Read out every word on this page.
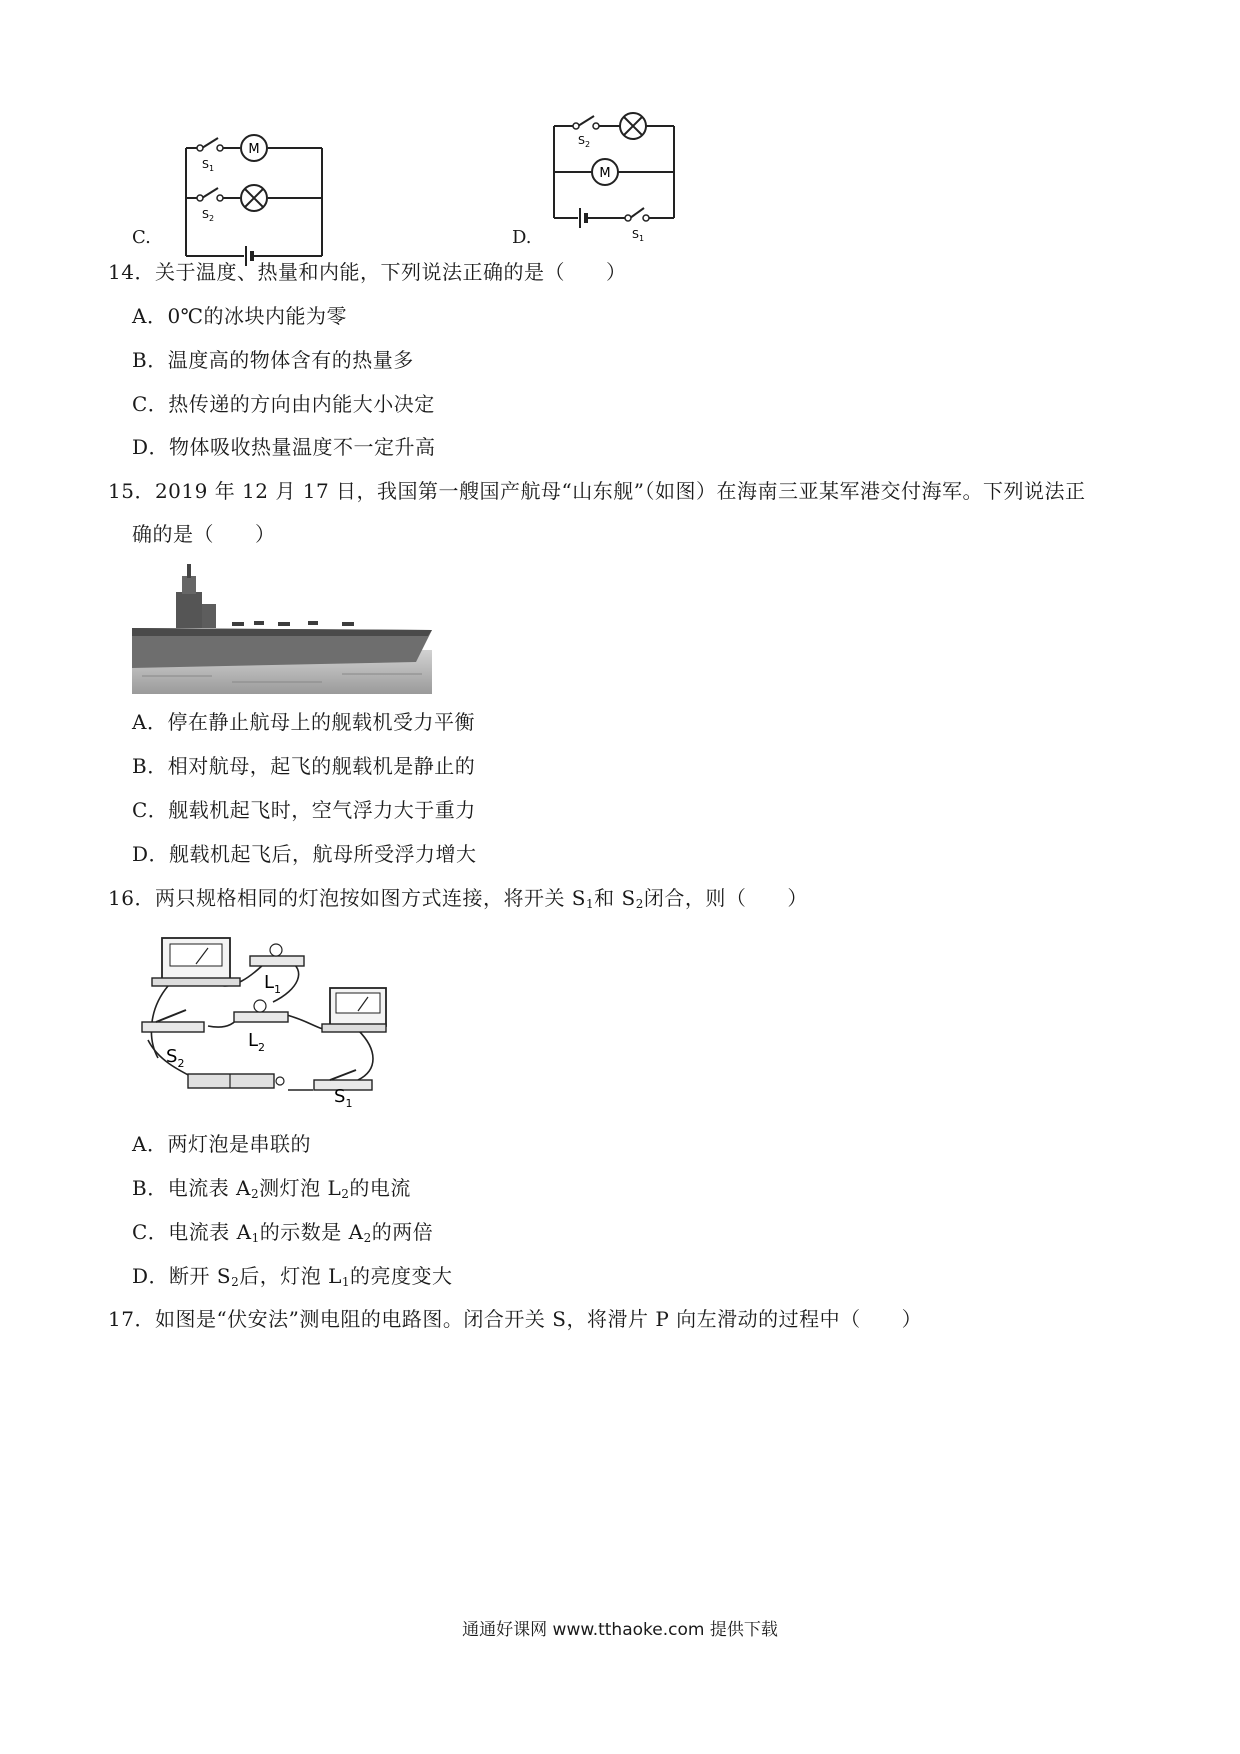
M
$S_1$
$S_2$
C.
M
$S_2$
$S_1$
D.
14．关于温度、热量和内能，下列说法正确的是（　　）
A．0℃的冰块内能为零
B．温度高的物体含有的热量多
C．热传递的方向由内能大小决定
D．物体吸收热量温度不一定升高
15．2019 年 12 月 17 日，我国第一艘国产航母“山东舰”（如图）在海南三亚某军港交付海军。下列说法正
确的是（　　）
A．停在静止航母上的舰载机受力平衡
B．相对航母，起飞的舰载机是静止的
C．舰载机起飞时，空气浮力大于重力
D．舰载机起飞后，航母所受浮力增大
16．两只规格相同的灯泡按如图方式连接，将开关 $S_1$和 $S_2$闭合，则（　　）
$L_1$
$L_2$
$S_2$
$S_1$
A．两灯泡是串联的
B．电流表 $A_2$测灯泡 $L_2$的电流
C．电流表 $A_1$的示数是 $A_2$的两倍
D．断开 $S_2$后，灯泡 $L_1$的亮度变大
17．如图是“伏安法”测电阻的电路图。闭合开关 S，将滑片 P 向左滑动的过程中（　　）
通通好课网 www.tthaoke.com 提供下载
